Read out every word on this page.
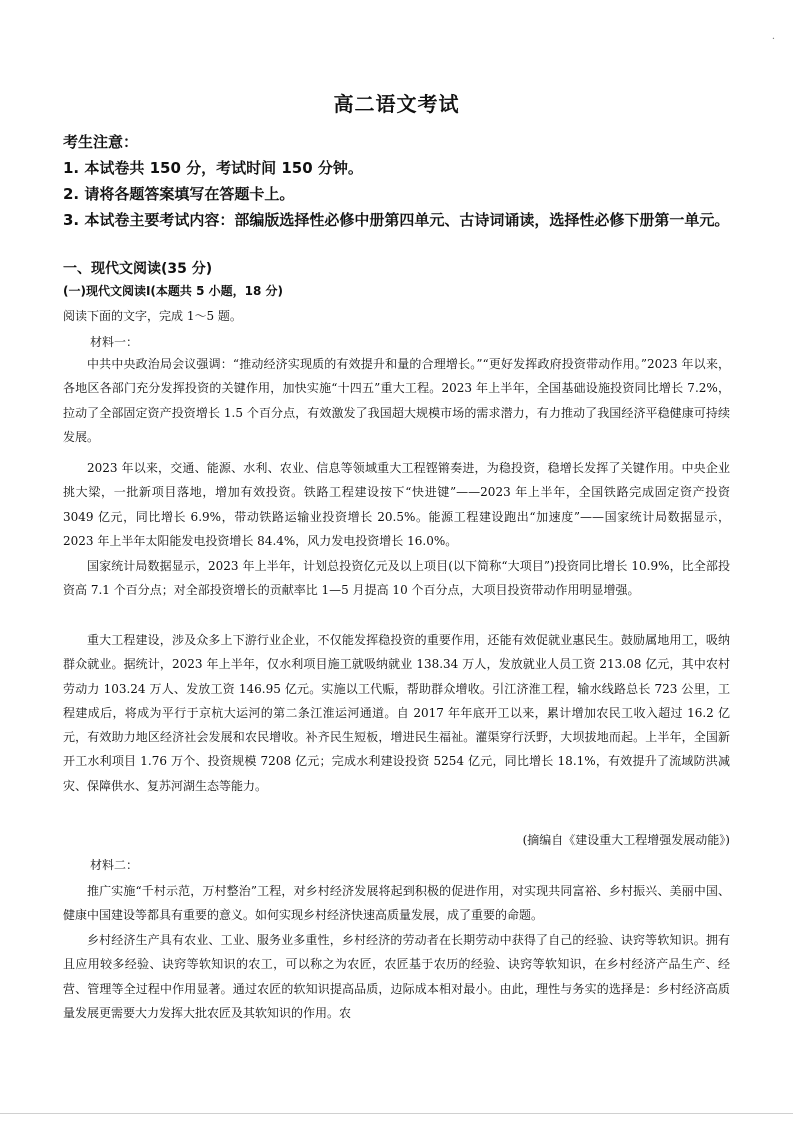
·
高二语文考试
考生注意：
1. 本试卷共 150 分，考试时间 150 分钟。
2. 请将各题答案填写在答题卡上。
3. 本试卷主要考试内容：部编版选择性必修中册第四单元、古诗词诵读，选择性必修下册第一单元。
一、现代文阅读(35 分)
(一)现代文阅读Ⅰ(本题共 5 小题，18 分)
阅读下面的文字，完成 1～5 题。
材料一：
中共中央政治局会议强调：“推动经济实现质的有效提升和量的合理增长。”“更好发挥政府投资带动作用。”2023 年以来，各地区各部门充分发挥投资的关键作用，加快实施“十四五”重大工程。2023 年上半年，全国基础设施投资同比增长 7.2%，拉动了全部固定资产投资增长 1.5 个百分点，有效激发了我国超大规模市场的需求潜力，有力推动了我国经济平稳健康可持续发展。
2023 年以来，交通、能源、水利、农业、信息等领域重大工程铿锵奏进，为稳投资，稳增长发挥了关键作用。中央企业挑大梁，一批新项目落地，增加有效投资。铁路工程建设按下“快进键”——2023 年上半年，全国铁路完成固定资产投资 3049 亿元，同比增长 6.9%，带动铁路运输业投资增长 20.5%。能源工程建设跑出“加速度”——国家统计局数据显示，2023 年上半年太阳能发电投资增长 84.4%，风力发电投资增长 16.0%。
国家统计局数据显示，2023 年上半年，计划总投资亿元及以上项目(以下简称“大项目”)投资同比增长 10.9%，比全部投资高 7.1 个百分点；对全部投资增长的贡献率比 1—5 月提高 10 个百分点，大项目投资带动作用明显增强。
重大工程建设，涉及众多上下游行业企业，不仅能发挥稳投资的重要作用，还能有效促就业惠民生。鼓励属地用工，吸纳群众就业。据统计，2023 年上半年，仅水利项目施工就吸纳就业 138.34 万人，发放就业人员工资 213.08 亿元，其中农村劳动力 103.24 万人、发放工资 146.95 亿元。实施以工代赈，帮助群众增收。引江济淮工程，输水线路总长 723 公里，工程建成后，将成为平行于京杭大运河的第二条江淮运河通道。自 2017 年年底开工以来，累计增加农民工收入超过 16.2 亿元，有效助力地区经济社会发展和农民增收。补齐民生短板，增进民生福祉。灌渠穿行沃野，大坝拔地而起。上半年，全国新开工水利项目 1.76 万个、投资规模 7208 亿元；完成水利建设投资 5254 亿元，同比增长 18.1%，有效提升了流域防洪减灾、保障供水、复苏河湖生态等能力。
(摘编自《建设重大工程增强发展动能》)
材料二：
推广实施“千村示范，万村整治”工程，对乡村经济发展将起到积极的促进作用，对实现共同富裕、乡村振兴、美丽中国、健康中国建设等都具有重要的意义。如何实现乡村经济快速高质量发展，成了重要的命题。
乡村经济生产具有农业、工业、服务业多重性，乡村经济的劳动者在长期劳动中获得了自己的经验、诀窍等软知识。拥有且应用较多经验、诀窍等软知识的农工，可以称之为农匠，农匠基于农历的经验、诀窍等软知识，在乡村经济产品生产、经营、管理等全过程中作用显著。通过农匠的软知识提高品质，边际成本相对最小。由此，理性与务实的选择是：乡村经济高质量发展更需要大力发挥大批农匠及其软知识的作用。农
